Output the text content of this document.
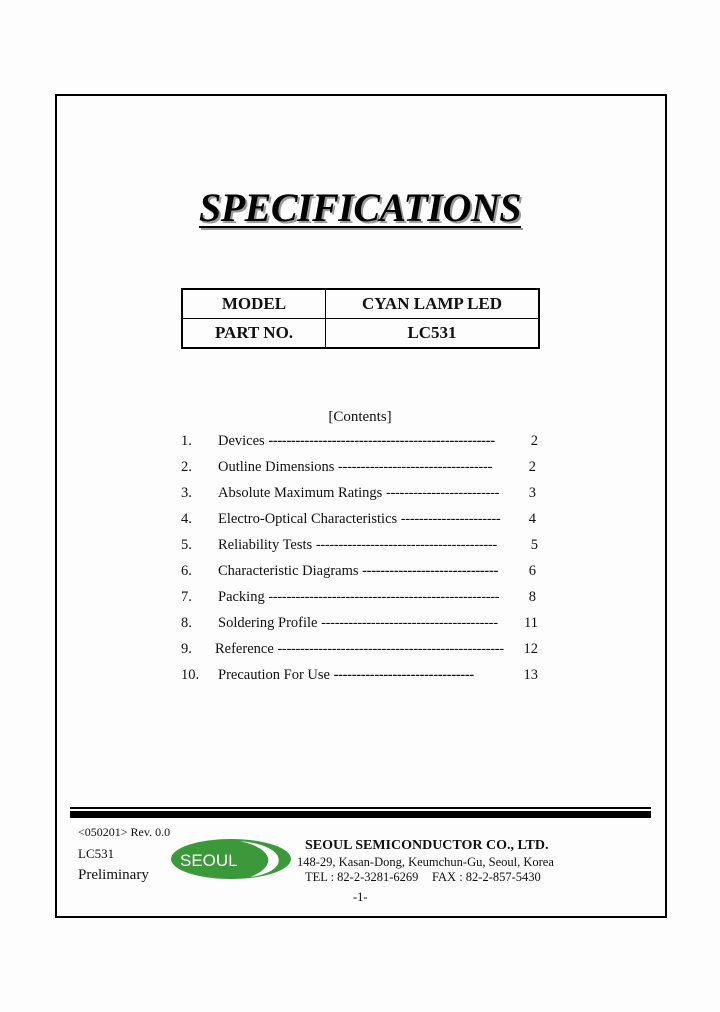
SPECIFICATIONS
MODEL	CYAN LAMP LED
PART NO.	LC531
[Contents]
1. Devices -------------------------------------------------- 2
2. Outline Dimensions ----------------------------------	2
3. Absolute Maximum Ratings ------------------------- 3
4. Electro-Optical Characteristics ---------------------- 4
5. Reliability Tests ---------------------------------------- 5
6. Characteristic Diagrams ------------------------------ 6
7. Packing --------------------------------------------------- 8
8. Soldering Profile --------------------------------------- 11
9. Reference -------------------------------------------------- 12
10. Precaution For Use -------------------------------	13
<050201> Rev. 0.0
LC531
Preliminary
SEOUL
SEOUL SEMICONDUCTOR CO., LTD.
148-29, Kasan-Dong, Keumchun-Gu, Seoul, Korea
TEL : 82-2-3281-6269 FAX : 82-2-857-5430
-1-
